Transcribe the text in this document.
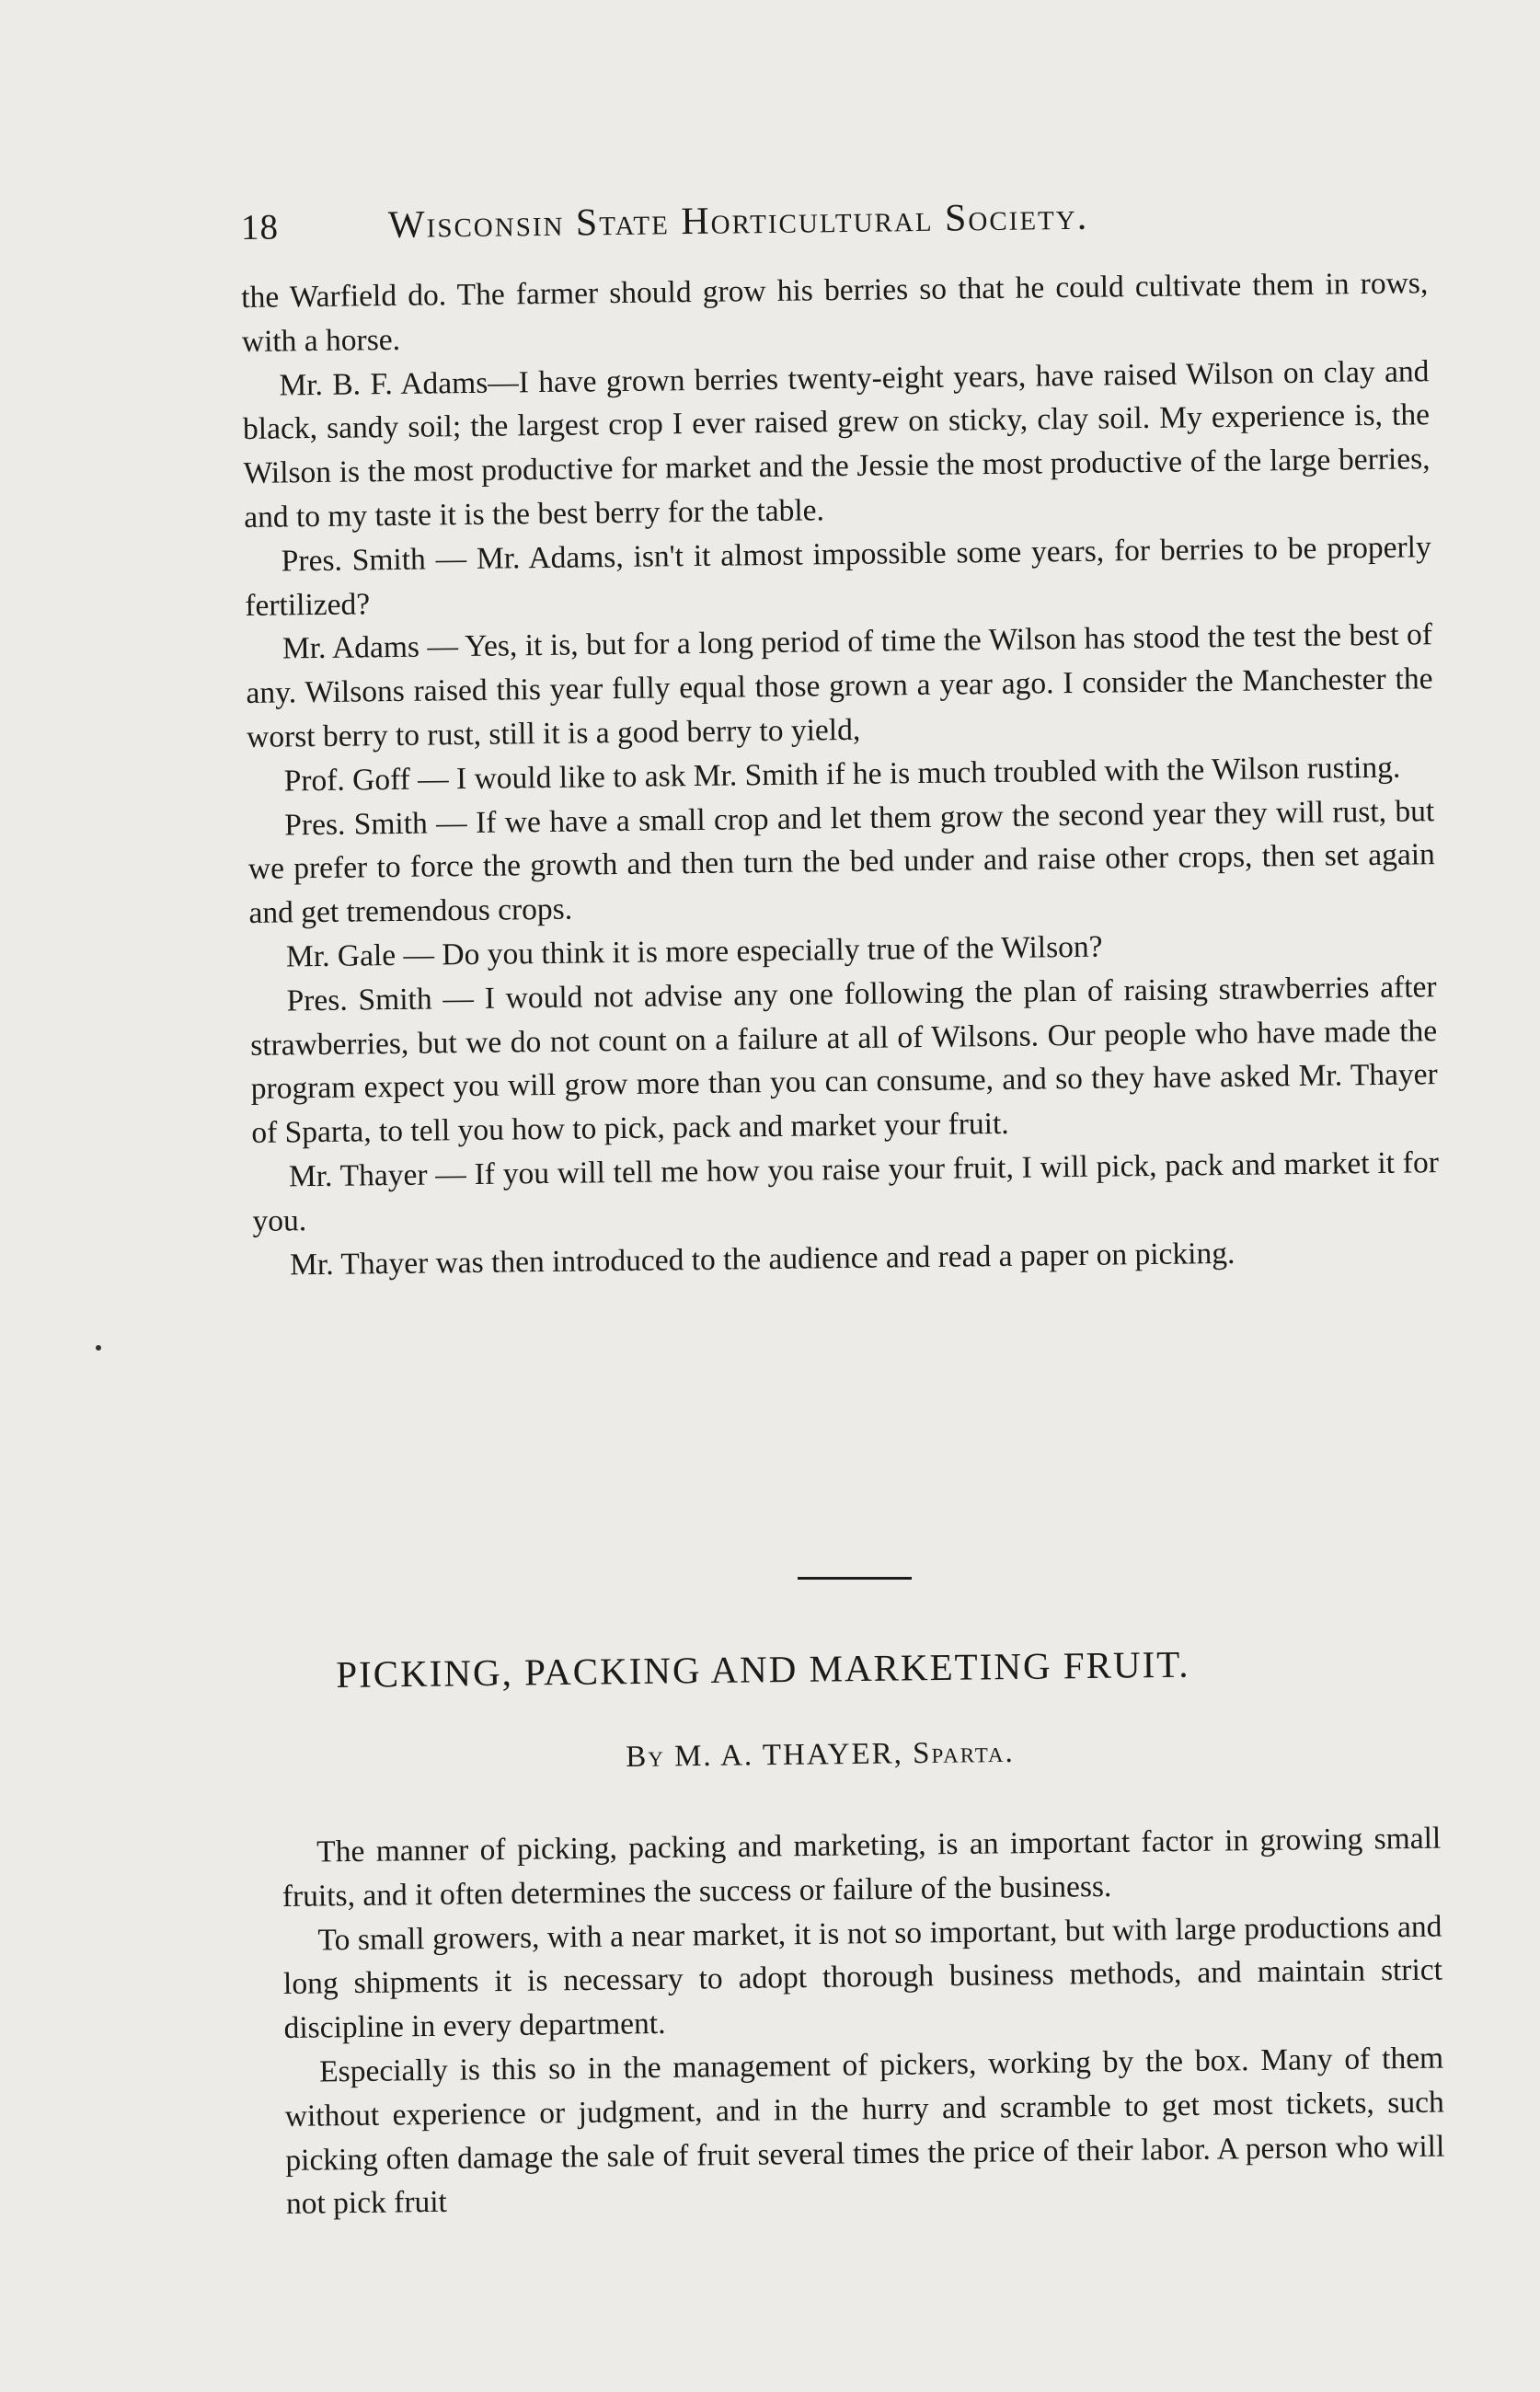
18	Wisconsin State Horticultural Society.

the Warfield do. The farmer should grow his berries so that he could cultivate them in rows, with a horse.

Mr. B. F. Adams—I have grown berries twenty-eight years, have raised Wilson on clay and black, sandy soil; the largest crop I ever raised grew on sticky, clay soil. My experience is, the Wilson is the most productive for market and the Jessie the most productive of the large berries, and to my taste it is the best berry for the table.

Pres. Smith — Mr. Adams, isn't it almost impossible some years, for berries to be properly fertilized?

Mr. Adams — Yes, it is, but for a long period of time the Wilson has stood the test the best of any. Wilsons raised this year fully equal those grown a year ago. I consider the Manchester the worst berry to rust, still it is a good berry to yield,

Prof. Goff — I would like to ask Mr. Smith if he is much troubled with the Wilson rusting.

Pres. Smith — If we have a small crop and let them grow the second year they will rust, but we prefer to force the growth and then turn the bed under and raise other crops, then set again and get tremendous crops.

Mr. Gale — Do you think it is more especially true of the Wilson?

Pres. Smith — I would not advise any one following the plan of raising strawberries after strawberries, but we do not count on a failure at all of Wilsons. Our people who have made the program expect you will grow more than you can consume, and so they have asked Mr. Thayer of Sparta, to tell you how to pick, pack and market your fruit.

Mr. Thayer — If you will tell me how you raise your fruit, I will pick, pack and market it for you.

Mr. Thayer was then introduced to the audience and read a paper on picking.

PICKING, PACKING AND MARKETING FRUIT.
By M. A. THAYER, Sparta.

The manner of picking, packing and marketing, is an important factor in growing small fruits, and it often determines the success or failure of the business.

To small growers, with a near market, it is not so important, but with large productions and long shipments it is necessary to adopt thorough business methods, and maintain strict discipline in every department.

Especially is this so in the management of pickers, working by the box. Many of them without experience or judgment, and in the hurry and scramble to get most tickets, such picking often damage the sale of fruit several times the price of their labor. A person who will not pick fruit
